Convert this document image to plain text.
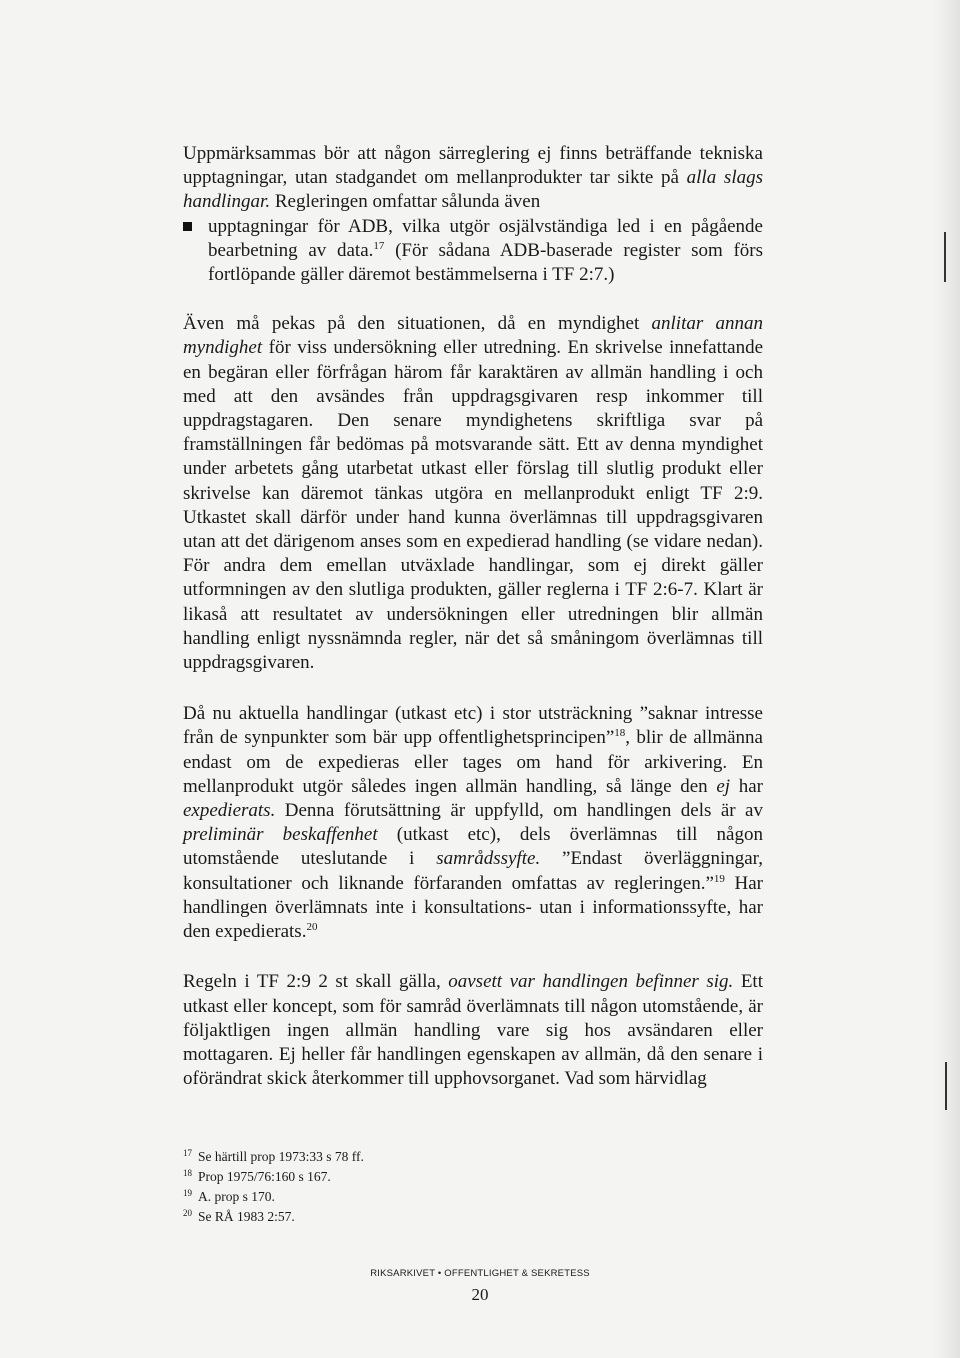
Uppmärksammas bör att någon särreglering ej finns beträffande tekniska upptagningar, utan stadgandet om mellanprodukter tar sikte på alla slags handlingar. Regleringen omfattar sålunda även

upptagningar för ADB, vilka utgör osjälvständiga led i en pågående bearbetning av data.$^{17}$ (För sådana ADB-baserade register som förs fortlöpande gäller däremot bestämmelserna i TF 2:7.)

Även må pekas på den situationen, då en myndighet anlitar annan myndighet för viss undersökning eller utredning. En skrivelse innefattande en begäran eller förfrågan härom får karaktären av allmän handling i och med att den avsändes från uppdragsgivaren resp inkommer till uppdragstagaren. Den senare myndighetens skriftliga svar på framställningen får bedömas på motsvarande sätt. Ett av denna myndighet under arbetets gång utarbetat utkast eller förslag till slutlig produkt eller skrivelse kan däremot tänkas utgöra en mellanprodukt enligt TF 2:9. Utkastet skall därför under hand kunna överlämnas till uppdragsgivaren utan att det därigenom anses som en expedierad handling (se vidare nedan). För andra dem emellan utväxlade handlingar, som ej direkt gäller utformningen av den slutliga produkten, gäller reglerna i TF 2:6-7. Klart är likaså att resultatet av undersökningen eller utredningen blir allmän handling enligt nyssnämnda regler, när det så småningom överlämnas till uppdragsgivaren.

Då nu aktuella handlingar (utkast etc) i stor utsträckning ”saknar intresse från de synpunkter som bär upp offentlighetsprincipen”$^{18}$, blir de allmänna endast om de expedieras eller tages om hand för arkivering. En mellanprodukt utgör således ingen allmän handling, så länge den ej har expedierats. Denna förutsättning är uppfylld, om handlingen dels är av preliminär beskaffenhet (utkast etc), dels överlämnas till någon utomstående uteslutande i samrådssyfte. ”Endast överläggningar, konsultationer och liknande förfaranden omfattas av regleringen.”$^{19}$ Har handlingen överlämnats inte i konsultations- utan i informationssyfte, har den expedierats.$^{20}$

Regeln i TF 2:9 2 st skall gälla, oavsett var handlingen befinner sig. Ett utkast eller koncept, som för samråd överlämnats till någon utomstående, är följaktligen ingen allmän handling vare sig hos avsändaren eller mottagaren. Ej heller får handlingen egenskapen av allmän, då den senare i oförändrat skick återkommer till upphovsorganet. Vad som härvidlag

$^{17}$ Se härtill prop 1973:33 s 78 ff.
$^{18}$ Prop 1975/76:160 s 167.
$^{19}$ A. prop s 170.
$^{20}$ Se RÅ 1983 2:57.
RIKSARKIVET • OFFENTLIGHET & SEKRETESS
20
